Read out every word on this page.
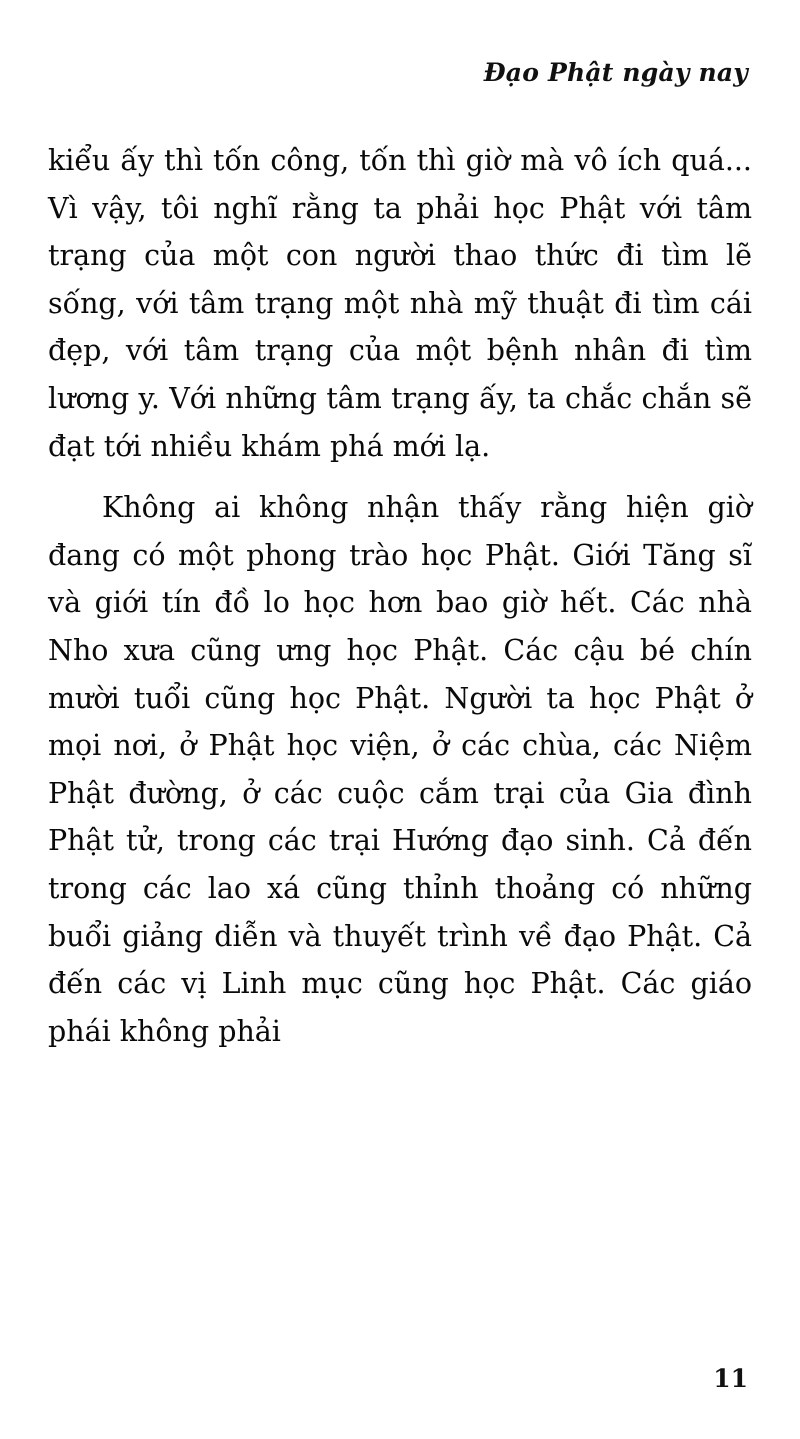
Đạo Phật ngày nay

kiểu ấy thì tốn công, tốn thì giờ mà vô ích quá... Vì vậy, tôi nghĩ rằng ta phải học Phật với tâm trạng của một con người thao thức đi tìm lẽ sống, với tâm trạng một nhà mỹ thuật đi tìm cái đẹp, với tâm trạng của một bệnh nhân đi tìm lương y. Với những tâm trạng ấy, ta chắc chắn sẽ đạt tới nhiều khám phá mới lạ.

Không ai không nhận thấy rằng hiện giờ đang có một phong trào học Phật. Giới Tăng sĩ và giới tín đồ lo học hơn bao giờ hết. Các nhà Nho xưa cũng ưng học Phật. Các cậu bé chín mười tuổi cũng học Phật. Người ta học Phật ở mọi nơi, ở Phật học viện, ở các chùa, các Niệm Phật đường, ở các cuộc cắm trại của Gia đình Phật tử, trong các trại Hướng đạo sinh. Cả đến trong các lao xá cũng thỉnh thoảng có những buổi giảng diễn và thuyết trình về đạo Phật. Cả đến các vị Linh mục cũng học Phật. Các giáo phái không phải

11
